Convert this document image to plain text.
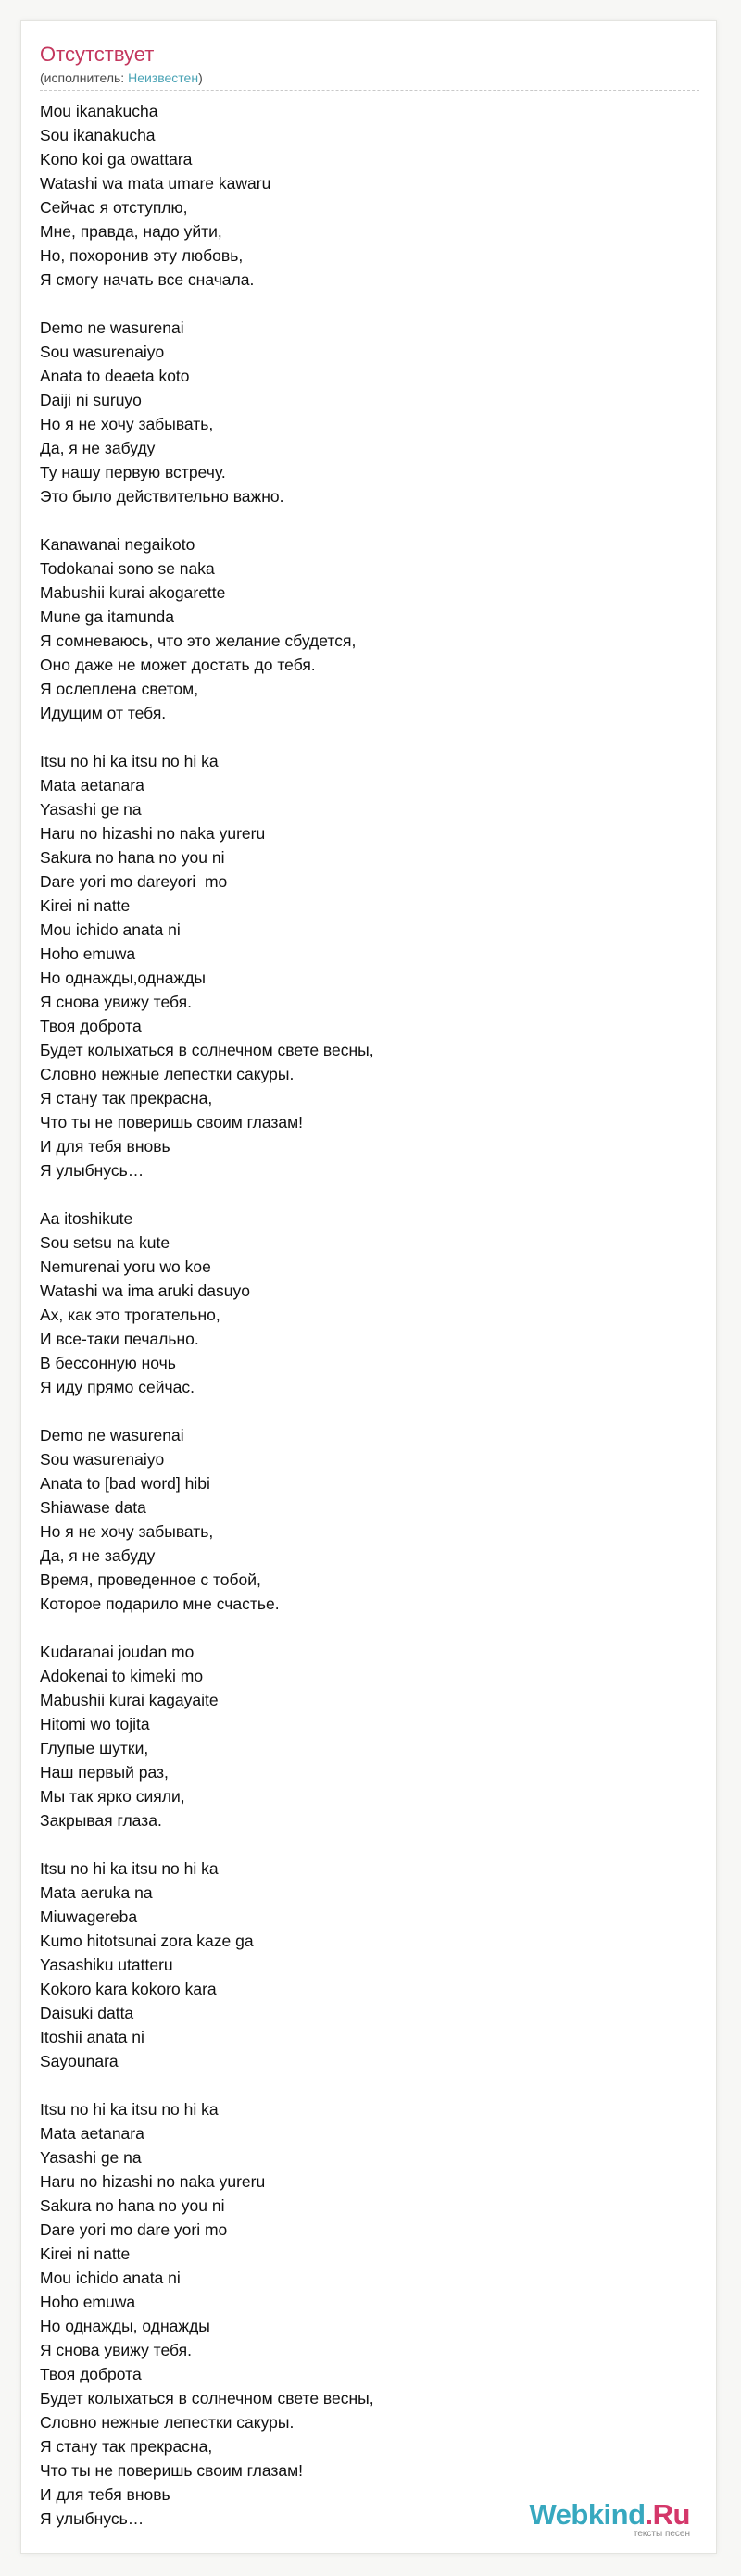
Отсутствует
(исполнитель: Неизвестен)
Mou ikanakucha
Sou ikanakucha
Kono koi ga owattara
Watashi wa mata umare kawaru
Сейчас я отступлю,
Мне, правда, надо уйти,
Но, похоронив эту любовь,
Я смогу начать все сначала.
Demo ne wasurenai
Sou wasurenaiyo
Anata to deaeta koto
Daiji ni suruyo
Но я не хочу забывать,
Да, я не забуду
Ту нашу первую встречу.
Это было действительно важно.
Kanawanai negaikoto
Todokanai sono se naka
Mabushii kurai akogarette
Mune ga itamunda
Я сомневаюсь, что это желание сбудется,
Оно даже не может достать до тебя.
Я ослеплена светом,
Идущим от тебя.
Itsu no hi ka itsu no hi ka
Mata aetanara
Yasashi ge na
Haru no hizashi no naka yureru
Sakura no hana no you ni
Dare yori mo dareyori  mo
Kirei ni natte
Mou ichido anata ni
Hoho emuwa
Но однажды,однажды
Я снова увижу тебя.
Твоя доброта
Будет колыхаться в солнечном свете весны,
Словно нежные лепестки сакуры.
Я стану так прекрасна,
Что ты не поверишь своим глазам!
И для тебя вновь
Я улыбнусь…
Aa itoshikute
Sou setsu na kute
Nemurenai yoru wo koe
Watashi wa ima aruki dasuyo
Ах, как это трогательно,
И все-таки печально.
В бессонную ночь
Я иду прямо сейчас.
Demo ne wasurenai
Sou wasurenaiyo
Anata to [bad word] hibi
Shiawase data
Но я не хочу забывать,
Да, я не забуду
Время, проведенное с тобой,
Которое подарило мне счастье.
Kudaranai joudan mo
Adokenai to kimeki mo
Mabushii kurai kagayaite
Hitomi wo tojita
Глупые шутки,
Наш первый раз,
Мы так ярко сияли,
Закрывая глаза.
Itsu no hi ka itsu no hi ka
Mata aeruka na
Miuwagereba
Kumo hitotsunai zora kaze ga
Yasashiku utatteru
Kokoro kara kokoro kara
Daisuki datta
Itoshii anata ni
Sayounara
Itsu no hi ka itsu no hi ka
Mata aetanara
Yasashi ge na
Haru no hizashi no naka yureru
Sakura no hana no you ni
Dare yori mo dare yori mo
Kirei ni natte
Mou ichido anata ni
Hoho emuwa
Но однажды, однажды
Я снова увижу тебя.
Твоя доброта
Будет колыхаться в солнечном свете весны,
Словно нежные лепестки сакуры.
Я стану так прекрасна,
Что ты не поверишь своим глазам!
И для тебя вновь
Я улыбнусь…	Webkind.Ru
тексты песен
